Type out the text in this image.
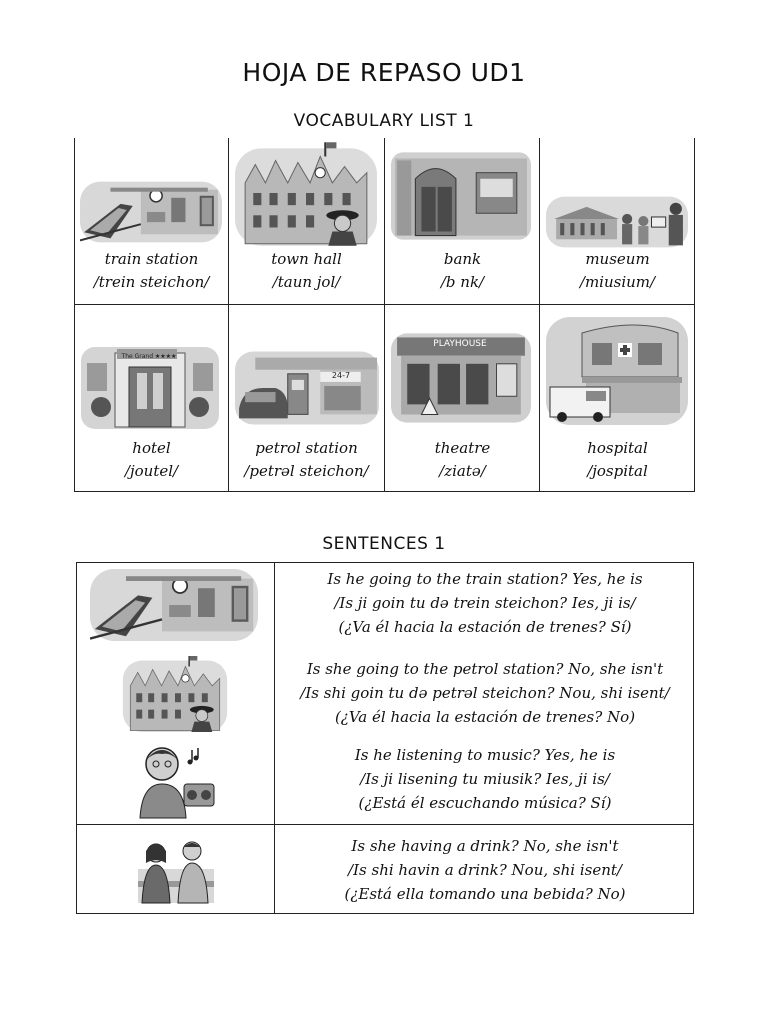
HOJA DE REPASO UD1
VOCABULARY LIST 1
train station
/trein steichon/
town hall
/taun jol/
bank
/b nk/
museum
/miusium/
The Grand ★★★★
hotel
/joutel/
24-7
petrol station
/petrəl steichon/
PLAYHOUSE
theatre
/ziatə/
hospital
/jospital
SENTENCES 1
Is he going to the train station? Yes, he is
/Is ji goin tu də trein steichon? Ies, ji is/
(¿Va él hacia la estación de trenes? Sí)
Is she going to the petrol station? No, she isn't
/Is shi goin tu də petrəl steichon? Nou, shi isent/
(¿Va él hacia la estación de trenes? No)
Is he listening to music? Yes, he is
/Is ji lisening tu miusik? Ies, ji is/
(¿Está él escuchando música? Sí)
Is she having a drink? No, she isn't
/Is shi havin a drink? Nou, shi isent/
(¿Está ella tomando una bebida? No)
